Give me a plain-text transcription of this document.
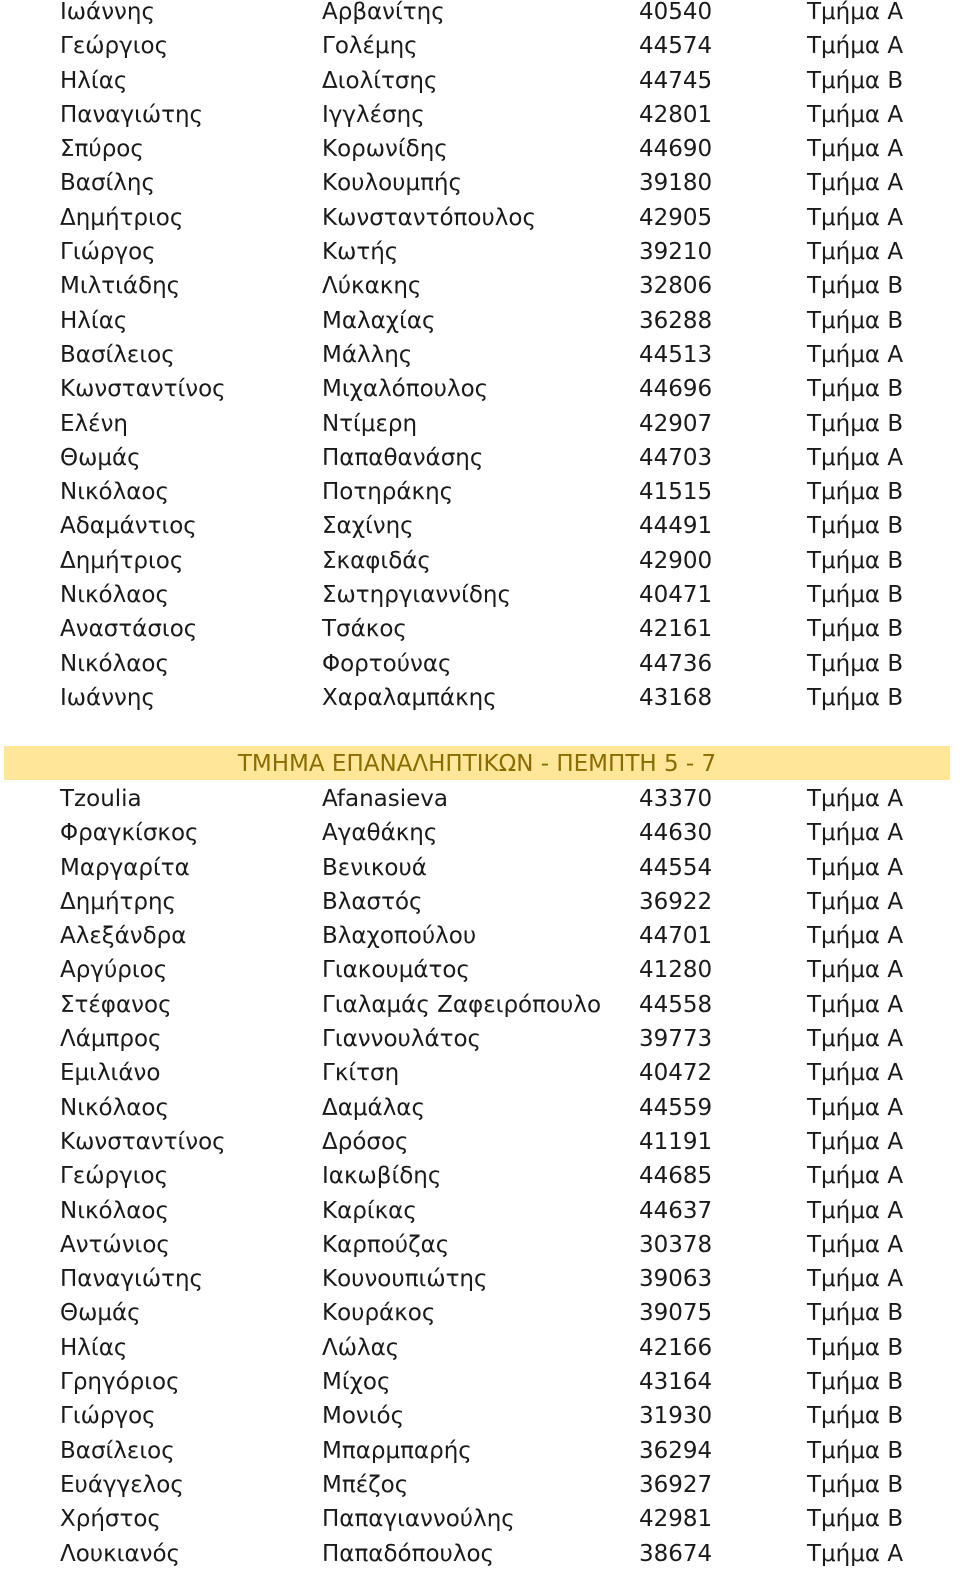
Ιωάννης	Αρβανίτης	40540	Τμήμα Α
Γεώργιος	Γολέμης	44574	Τμήμα Α
Ηλίας	Διολίτσης	44745	Τμήμα Β
Παναγιώτης	Ιγγλέσης	42801	Τμήμα Α
Σπύρος	Κορωνίδης	44690	Τμήμα Α
Βασίλης	Κουλουμπής	39180	Τμήμα Α
Δημήτριος	Κωνσταντόπουλος	42905	Τμήμα Α
Γιώργος	Κωτής	39210	Τμήμα Α
Μιλτιάδης	Λύκακης	32806	Τμήμα Β
Ηλίας	Μαλαχίας	36288	Τμήμα Β
Βασίλειος	Μάλλης	44513	Τμήμα Α
Κωνσταντίνος	Μιχαλόπουλος	44696	Τμήμα Β
Ελένη	Ντίμερη	42907	Τμήμα Β
Θωμάς	Παπαθανάσης	44703	Τμήμα Α
Νικόλαος	Ποτηράκης	41515	Τμήμα Β
Αδαμάντιος	Σαχίνης	44491	Τμήμα Β
Δημήτριος	Σκαφιδάς	42900	Τμήμα Β
Νικόλαος	Σωτηργιαννίδης	40471	Τμήμα Β
Αναστάσιος	Τσάκος	42161	Τμήμα Β
Νικόλαος	Φορτούνας	44736	Τμήμα Β
Ιωάννης	Χαραλαμπάκης	43168	Τμήμα Β
ΤΜΗΜΑ ΕΠΑΝΑΛΗΠΤΙΚΩΝ - ΠΕΜΠΤΗ 5 - 7
Tzoulia	Afanasieva	43370	Τμήμα Α
Φραγκίσκος	Αγαθάκης	44630	Τμήμα Α
Μαργαρίτα	Βενικουά	44554	Τμήμα Α
Δημήτρης	Βλαστός	36922	Τμήμα Α
Αλεξάνδρα	Βλαχοπούλου	44701	Τμήμα Α
Αργύριος	Γιακουμάτος	41280	Τμήμα Α
Στέφανος	Γιαλαμάς Ζαφειρόπουλο 44558	Τμήμα Α
Λάμπρος	Γιαννουλάτος	39773	Τμήμα Α
Εμιλιάνο	Γκίτση	40472	Τμήμα Α
Νικόλαος	Δαμάλας	44559	Τμήμα Α
Κωνσταντίνος	Δρόσος	41191	Τμήμα Α
Γεώργιος	Ιακωβίδης	44685	Τμήμα Α
Νικόλαος	Καρίκας	44637	Τμήμα Α
Αντώνιος	Καρπούζας	30378	Τμήμα Α
Παναγιώτης	Κουνουπιώτης	39063	Τμήμα Α
Θωμάς	Κουράκος	39075	Τμήμα Β
Ηλίας	Λώλας	42166	Τμήμα Β
Γρηγόριος	Μίχος	43164	Τμήμα Β
Γιώργος	Μονιός	31930	Τμήμα Β
Βασίλειος	Μπαρμπαρής	36294	Τμήμα Β
Ευάγγελος	Μπέζος	36927	Τμήμα Β
Χρήστος	Παπαγιαννούλης	42981	Τμήμα Β
Λουκιανός	Παπαδόπουλος	38674	Τμήμα Α
